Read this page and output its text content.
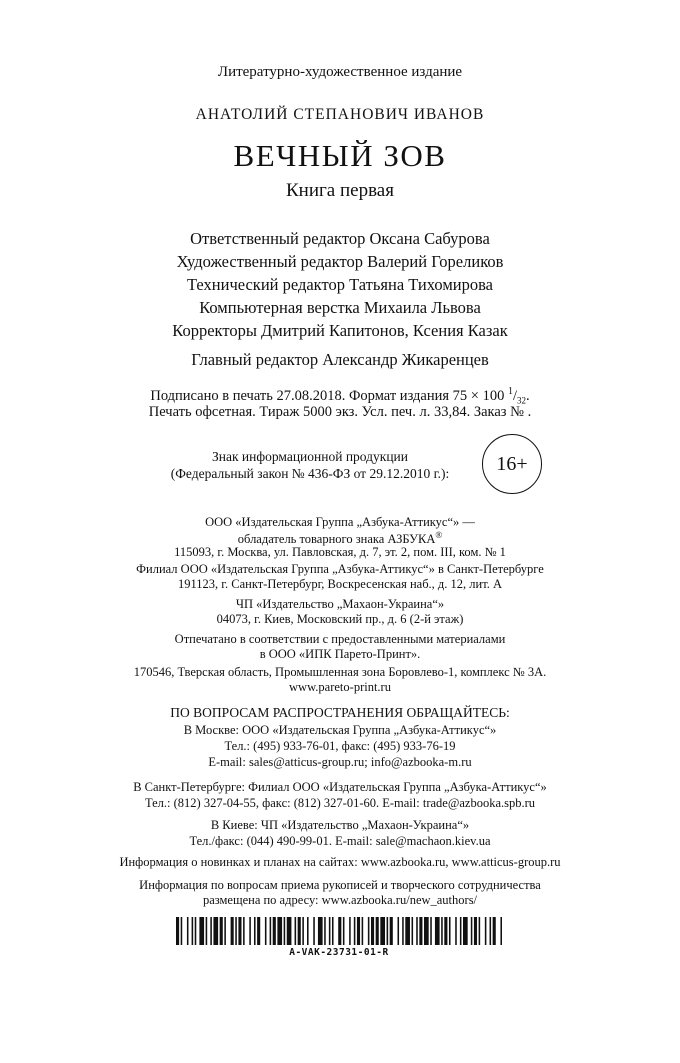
Литературно-художественное издание
АНАТОЛИЙ СТЕПАНОВИЧ ИВАНОВ
ВЕЧНЫЙ ЗОВ
Книга первая
Ответственный редактор Оксана Сабурова
Художественный редактор Валерий Гореликов
Технический редактор Татьяна Тихомирова
Компьютерная верстка Михаила Львова
Корректоры Дмитрий Капитонов, Ксения Казак
Главный редактор Александр Жикаренцев
Подписано в печать 27.08.2018. Формат издания 75 × 100 $^1/_{32}$.
Печать офсетная. Тираж 5000 экз. Усл. печ. л. 33,84. Заказ № .
Знак информационной продукции
(Федеральный закон № 436-ФЗ от 29.12.2010 г.):	16+
ООО «Издательская Группа „Азбука-Аттикус“» —
обладатель товарного знака АЗБУКА®
115093, г. Москва, ул. Павловская, д. 7, эт. 2, пом. III, ком. № 1
Филиал ООО «Издательская Группа „Азбука-Аттикус“» в Санкт-Петербурге
191123, г. Санкт-Петербург, Воскресенская наб., д. 12, лит. А
ЧП «Издательство „Махаон-Украина“»
04073, г. Киев, Московский пр., д. 6 (2-й этаж)
Отпечатано в соответствии с предоставленными материалами
в ООО «ИПК Парето-Принт».
170546, Тверская область, Промышленная зона Боровлево-1, комплекс № 3А.
www.pareto-print.ru
ПО ВОПРОСАМ РАСПРОСТРАНЕНИЯ ОБРАЩАЙТЕСЬ:
В Москве: ООО «Издательская Группа „Азбука-Аттикус“»
Тел.: (495) 933-76-01, факс: (495) 933-76-19
E-mail: sales@atticus-group.ru; info@azbooka-m.ru
В Санкт-Петербурге: Филиал ООО «Издательская Группа „Азбука-Аттикус“»
Тел.: (812) 327-04-55, факс: (812) 327-01-60. E-mail: trade@azbooka.spb.ru
В Киеве: ЧП «Издательство „Махаон-Украина“»
Тел./факс: (044) 490-99-01. E-mail: sale@machaon.kiev.ua
Информация о новинках и планах на сайтах: www.azbooka.ru, www.atticus-group.ru
Информация по вопросам приема рукописей и творческого сотрудничества
размещена по адресу: www.azbooka.ru/new_authors/
A-VAK-23731-01-R
